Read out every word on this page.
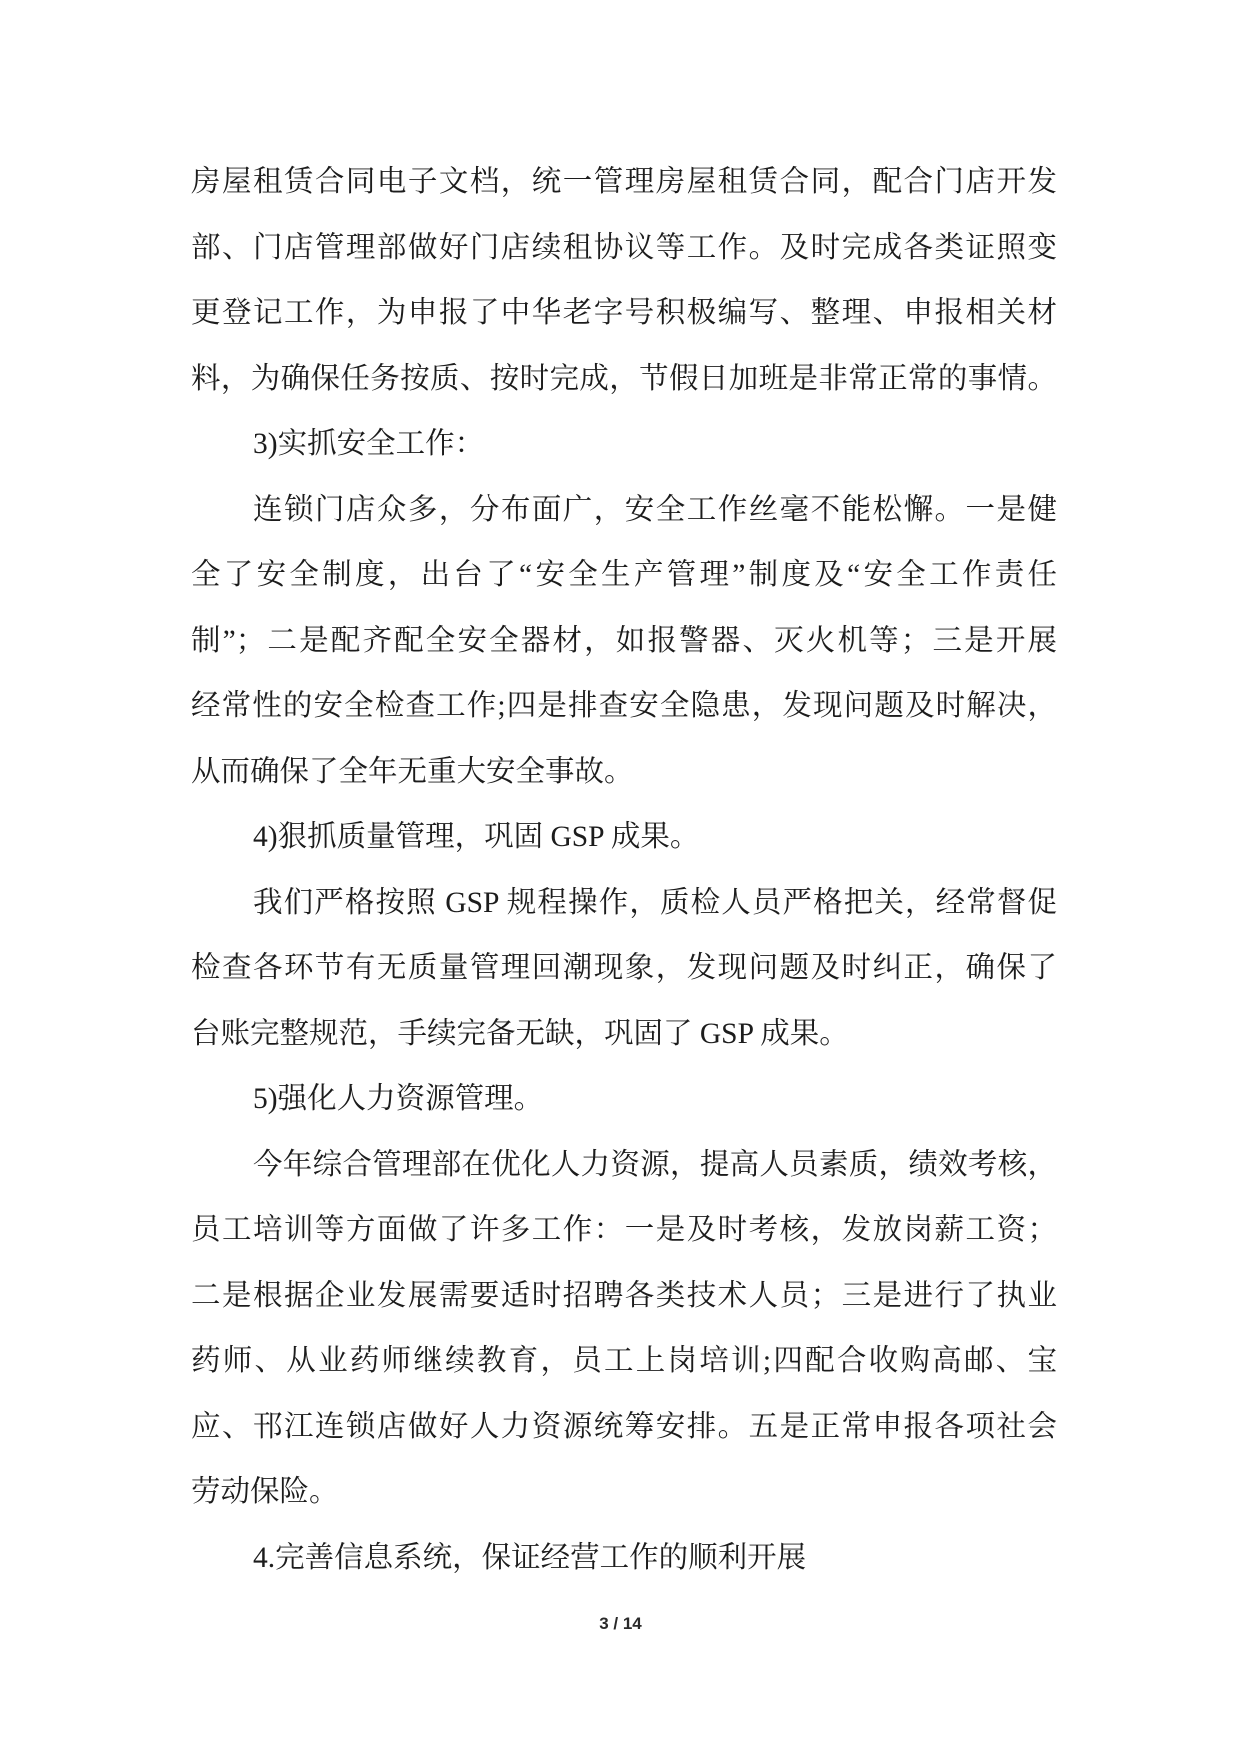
房屋租赁合同电子文档，统一管理房屋租赁合同，配合门店开发
部、门店管理部做好门店续租协议等工作。及时完成各类证照变
更登记工作，为申报了中华老字号积极编写、整理、申报相关材
料，为确保任务按质、按时完成，节假日加班是非常正常的事情。
3)实抓安全工作：
连锁门店众多，分布面广，安全工作丝毫不能松懈。一是健
全了安全制度，出台了“安全生产管理”制度及“安全工作责任
制”；二是配齐配全安全器材，如报警器、灭火机等；三是开展
经常性的安全检查工作;四是排查安全隐患，发现问题及时解决，
从而确保了全年无重大安全事故。
4)狠抓质量管理，巩固 GSP 成果。
我们严格按照 GSP 规程操作，质检人员严格把关，经常督促
检查各环节有无质量管理回潮现象，发现问题及时纠正，确保了
台账完整规范，手续完备无缺，巩固了 GSP 成果。
5)强化人力资源管理。
今年综合管理部在优化人力资源，提高人员素质，绩效考核，
员工培训等方面做了许多工作：一是及时考核，发放岗薪工资；
二是根据企业发展需要适时招聘各类技术人员；三是进行了执业
药师、从业药师继续教育，员工上岗培训;四配合收购高邮、宝
应、邗江连锁店做好人力资源统筹安排。五是正常申报各项社会
劳动保险。
4.完善信息系统，保证经营工作的顺利开展
3 / 14
